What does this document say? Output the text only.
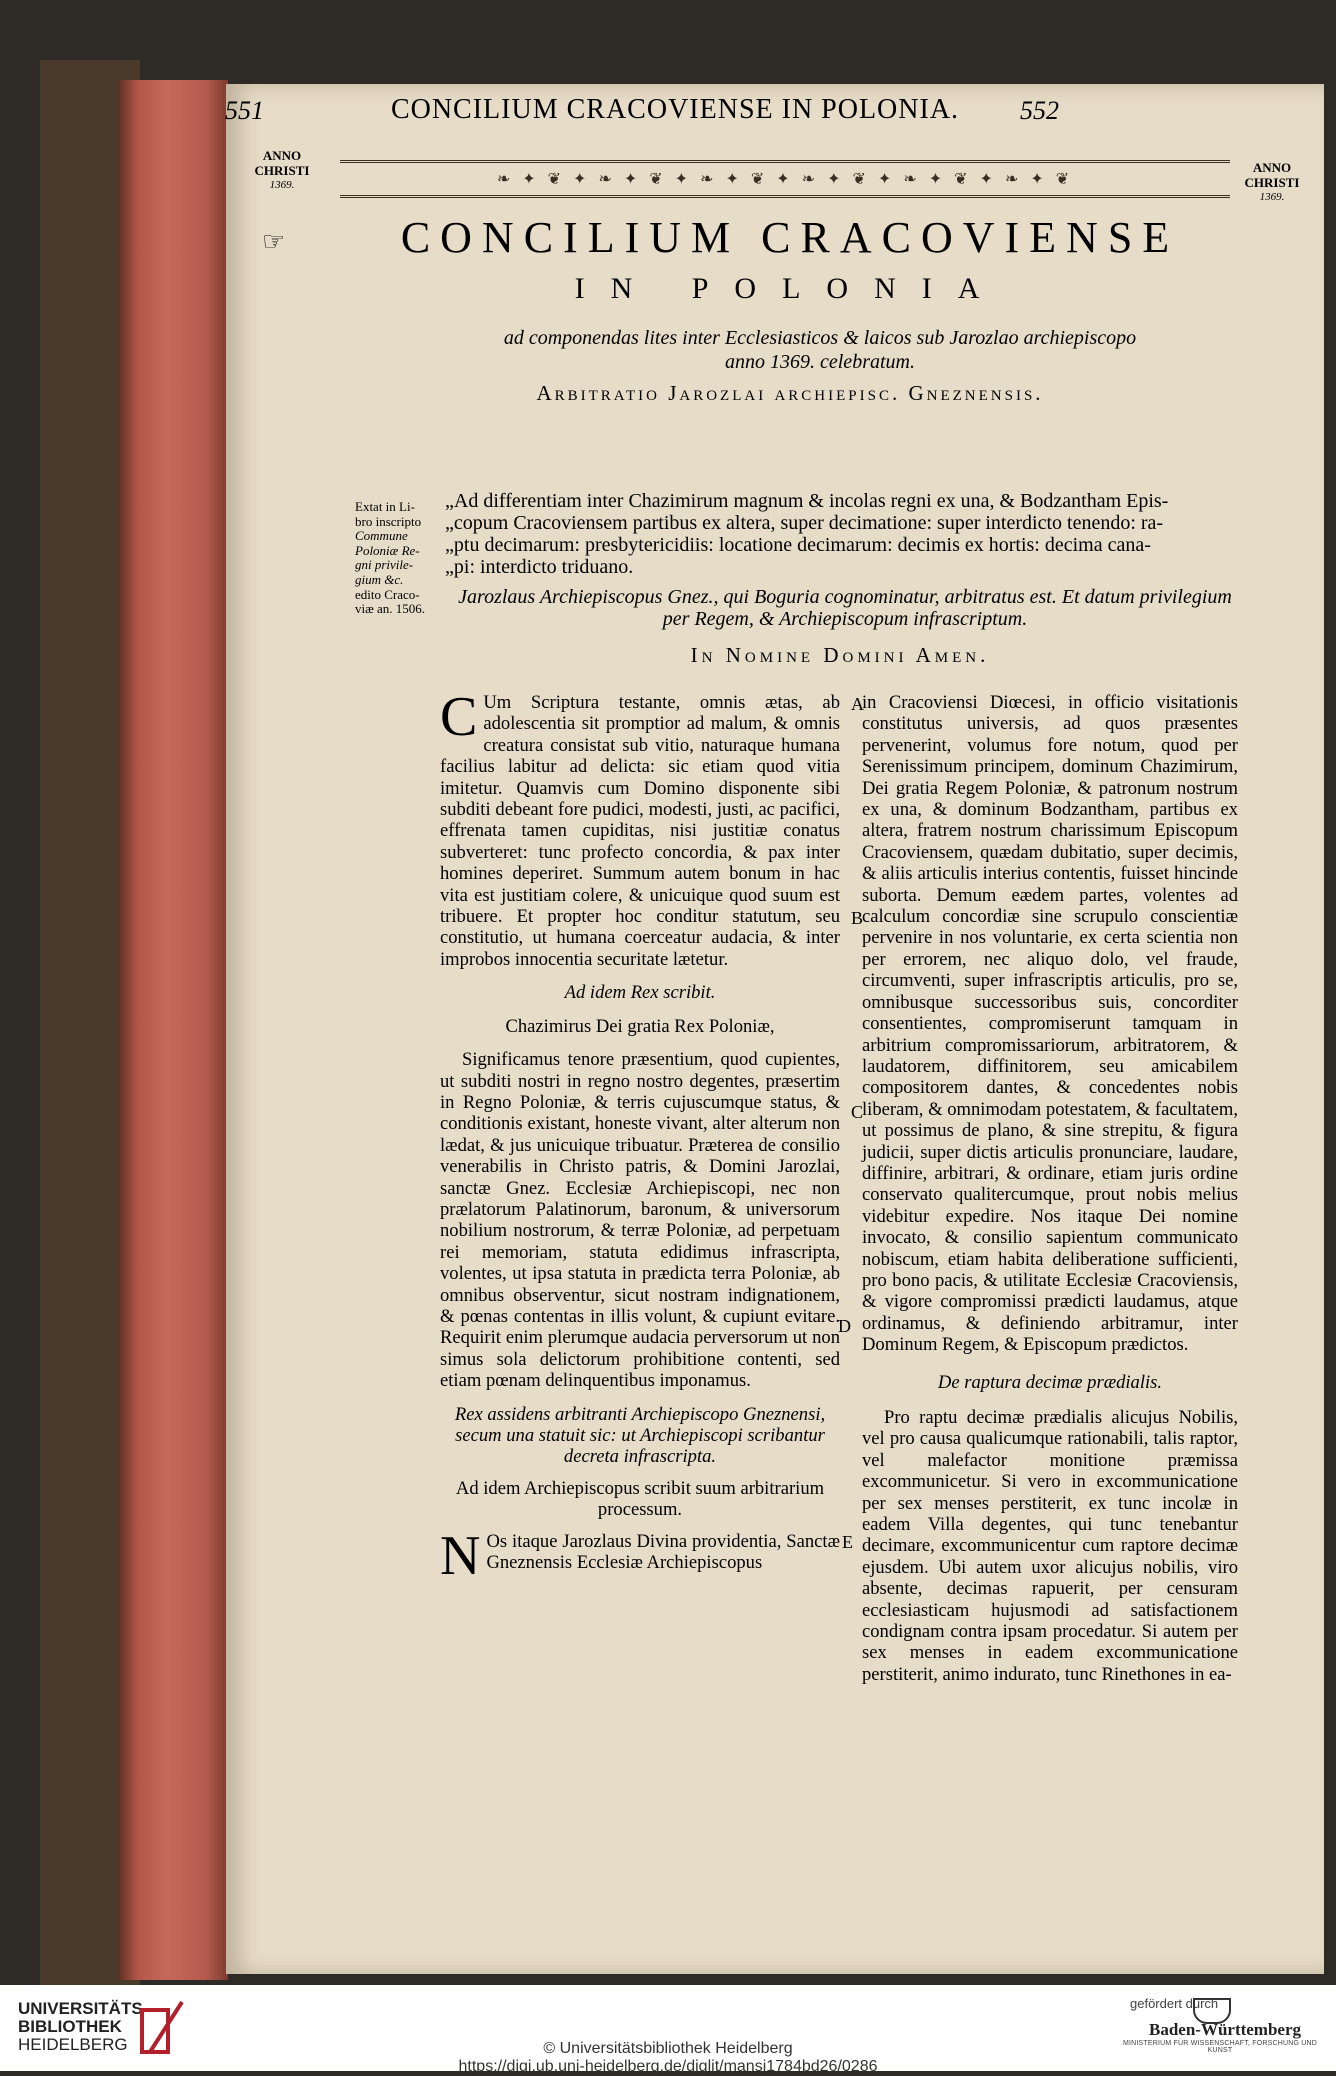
551	CONCILIUM CRACOVIENSE IN POLONIA.	552
ANNO
CHRISTI
1369.
ANNO
CHRISTI
1369.
❧ ✦ ❦ ✦ ❧ ✦ ❦ ✦ ❧ ✦ ❦ ✦ ❧ ✦ ❦ ✦ ❧ ✦ ❦ ✦ ❧ ✦ ❦
☞	CONCILIUM CRACOVIENSE
IN POLONIA
ad componendas lites inter Ecclesiasticos & laicos sub Jarozlao archiepiscopo
anno 1369. celebratum.
Arbitratio Jarozlai archiepisc. Gneznensis.
Extat in Li-
bro inscripto
Commune
Poloniæ Re-
gni privile-
gium &c.
edito Craco-
viæ an. 1506.
„Ad differentiam inter Chazimirum magnum & incolas regni ex una, & Bodzantham Epis-
„copum Cracoviensem partibus ex altera, super decimatione: super interdicto tenendo: ra-
„ptu decimarum: presbytericidiis: locatione decimarum: decimis ex hortis: decima cana-
„pi: interdicto triduano.
Jarozlaus Archiepiscopus Gnez., qui Boguria cognominatur, arbitratus est. Et datum privilegium
per Regem, & Archiepiscopum infrascriptum.
In Nomine Domini Amen.

C Um Scriptura testante, omnis ætas, ab adolescentia sit promptior ad malum, & omnis creatura consistat sub vitio, naturaque humana facilius labitur ad delicta: sic etiam quod vitia imitetur. Quamvis cum Domino disponente sibi subditi debeant fore pudici, modesti, justi, ac pacifici, effrenata tamen cupiditas, nisi justitiæ conatus subverteret: tunc profecto concordia, & pax inter homines deperiret. Summum autem bonum in hac vita est justitiam colere, & unicuique quod suum est tribuere. Et propter hoc conditur statutum, seu constitutio, ut humana coerceatur audacia, & inter improbos innocentia securitate lætetur.

Ad idem Rex scribit.

Chazimirus Dei gratia Rex Poloniæ,

Significamus tenore præsentium, quod cupientes, ut subditi nostri in regno nostro degentes, præsertim in Regno Poloniæ, & terris cujuscumque status, & conditionis existant, honeste vivant, alter alterum non lædat, & jus unicuique tribuatur. Præterea de consilio venerabilis in Christo patris, & Domini Jarozlai, sanctæ Gnez. Ecclesiæ Archiepiscopi, nec non prælatorum Palatinorum, baronum, & universorum nobilium nostrorum, & terræ Poloniæ, ad perpetuam rei memoriam, statuta edidimus infrascripta, volentes, ut ipsa statuta in prædicta terra Poloniæ, ab omnibus observentur, sicut nostram indignationem, & pœnas contentas in illis volunt, & cupiunt evitare. Requirit enim plerumque audacia perversorum ut non simus sola delictorum prohibitione contenti, sed etiam pœnam delinquentibus imponamus.

Rex assidens arbitranti Archiepiscopo Gneznensi, secum una statuit sic: ut Archiepiscopi scribantur decreta infrascripta.

Ad idem Archiepiscopus scribit suum arbitrarium processum.

N Os itaque Jarozlaus Divina providentia, Sanctæ Gneznensis Ecclesiæ Archiepiscopus

A
B
C
D
E

in Cracoviensi Diœcesi, in officio visitationis constitutus universis, ad quos præsentes pervenerint, volumus fore notum, quod per Serenissimum principem, dominum Chazimirum, Dei gratia Regem Poloniæ, & patronum nostrum ex una, & dominum Bodzantham, partibus ex altera, fratrem nostrum charissimum Episcopum Cracoviensem, quædam dubitatio, super decimis, & aliis articulis interius contentis, fuisset hincinde suborta. Demum eædem partes, volentes ad calculum concordiæ sine scrupulo conscientiæ pervenire in nos voluntarie, ex certa scientia non per errorem, nec aliquo dolo, vel fraude, circumventi, super infrascriptis articulis, pro se, omnibusque successoribus suis, concorditer consentientes, compromiserunt tamquam in arbitrium compromissariorum, arbitratorem, & laudatorem, diffinitorem, seu amicabilem compositorem dantes, & concedentes nobis liberam, & omnimodam potestatem, & facultatem, ut possimus de plano, & sine strepitu, & figura judicii, super dictis articulis pronunciare, laudare, diffinire, arbitrari, & ordinare, etiam juris ordine conservato qualitercumque, prout nobis melius videbitur expedire. Nos itaque Dei nomine invocato, & consilio sapientum communicato nobiscum, etiam habita deliberatione sufficienti, pro bono pacis, & utilitate Ecclesiæ Cracoviensis, & vigore compromissi prædicti laudamus, atque ordinamus, & definiendo arbitramur, inter Dominum Regem, & Episcopum prædictos.

De raptura decimæ prædialis.

Pro raptu decimæ prædialis alicujus Nobilis, vel pro causa qualicumque rationabili, talis raptor, vel malefactor monitione præmissa excommunicetur. Si vero in excommunicatione per sex menses perstiterit, ex tunc incolæ in eadem Villa degentes, qui tunc tenebantur decimare, excommunicentur cum raptore decimæ ejusdem. Ubi autem uxor alicujus nobilis, viro absente, decimas rapuerit, per censuram ecclesiasticam hujusmodi ad satisfactionem condignam contra ipsam procedatur. Si autem per sex menses in eadem excommunicatione perstiterit, animo indurato, tunc Rinethones in ea-

UNIVERSITÄTS-
BIBLIOTHEK
HEIDELBERG	© Universitätsbibliothek Heidelberg
https://digi.ub.uni-heidelberg.de/diglit/mansi1784bd26/0286
gefördert durch
Baden-Württemberg
MINISTERIUM FÜR WISSENSCHAFT, FORSCHUNG UND KUNST
